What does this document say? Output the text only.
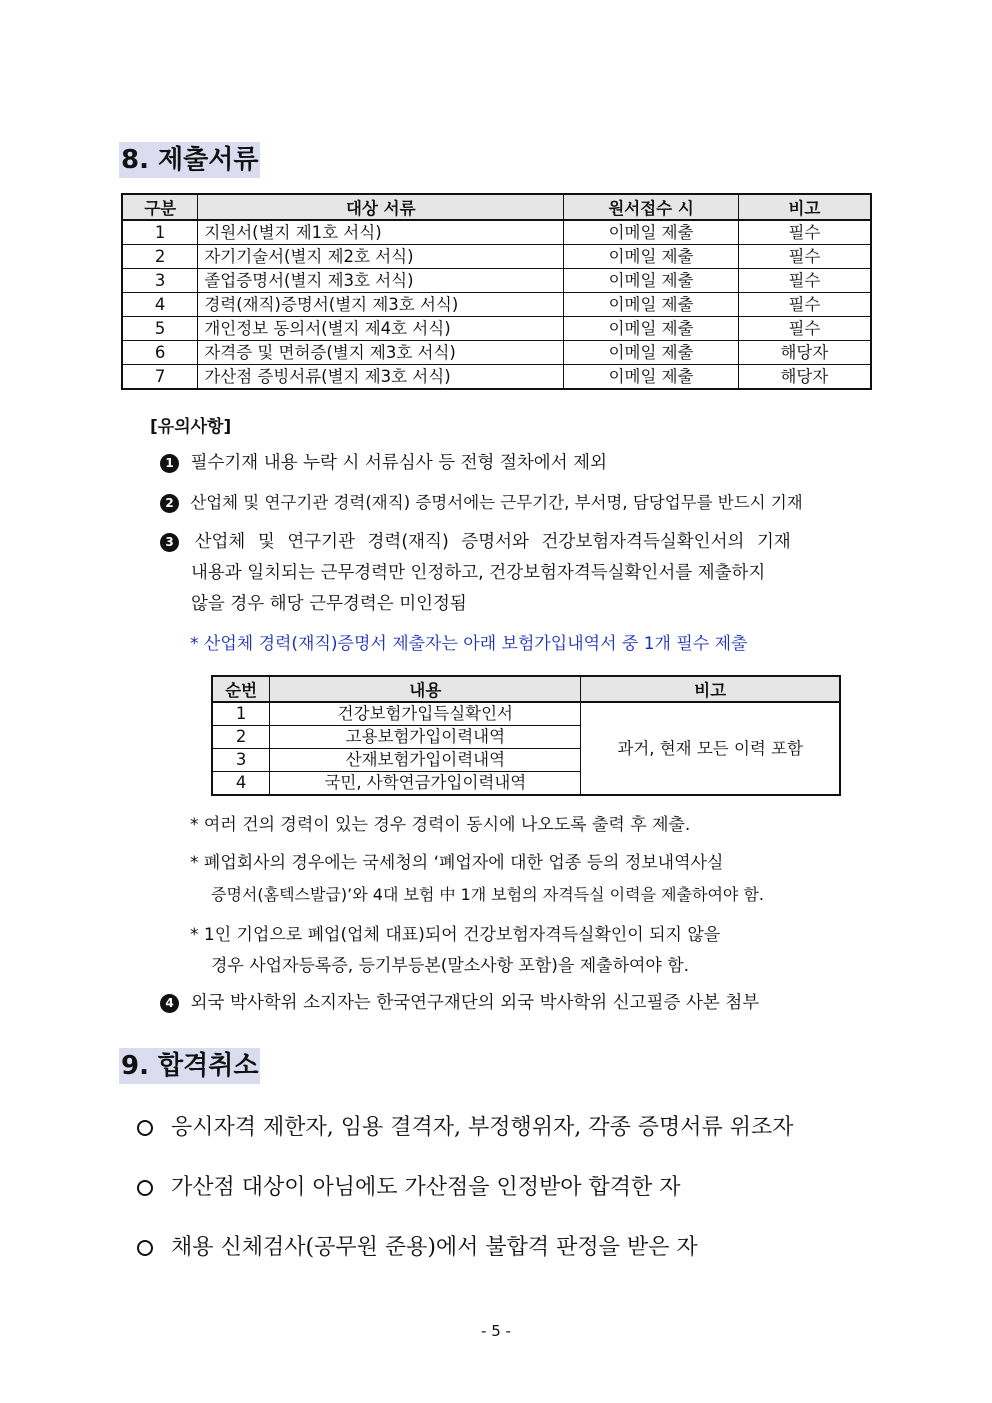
8. 제출서류
구분	대상 서류	원서접수 시	비고
1	지원서(별지 제1호 서식)	이메일 제출	필수
2	자기기술서(별지 제2호 서식)	이메일 제출	필수
3	졸업증명서(별지 제3호 서식)	이메일 제출	필수
4	경력(재직)증명서(별지 제3호 서식)	이메일 제출	필수
5	개인정보 동의서(별지 제4호 서식)	이메일 제출	필수
6	자격증 및 면허증(별지 제3호 서식)	이메일 제출	해당자
7	가산점 증빙서류(별지 제3호 서식)	이메일 제출	해당자
[유의사항]
1 필수기재 내용 누락 시 서류심사 등 전형 절차에서 제외
2 산업체 및 연구기관 경력(재직) 증명서에는 근무기간, 부서명, 담당업무를 반드시 기재
3 산업체 및 연구기관 경력(재직) 증명서와 건강보험자격득실확인서의 기재
내용과 일치되는 근무경력만 인정하고, 건강보험자격득실확인서를 제출하지
않을 경우 해당 근무경력은 미인정됨
* 산업체 경력(재직)증명서 제출자는 아래 보험가입내역서 중 1개 필수 제출
순번	내용	비고
1	건강보험가입득실확인서	과거, 현재 모든 이력 포함
2	고용보험가입이력내역	
3	산재보험가입이력내역	
4	국민, 사학연금가입이력내역	
* 여러 건의 경력이 있는 경우 경력이 동시에 나오도록 출력 후 제출.
* 폐업회사의 경우에는 국세청의 ‘폐업자에 대한 업종 등의 정보내역사실
증명서(홈텍스발급)’와 4대 보험 中 1개 보험의 자격득실 이력을 제출하여야 함.
* 1인 기업으로 폐업(업체 대표)되어 건강보험자격득실확인이 되지 않을
경우 사업자등록증, 등기부등본(말소사항 포함)을 제출하여야 함.
4 외국 박사학위 소지자는 한국연구재단의 외국 박사학위 신고필증 사본 첨부
9. 합격취소
응시자격 제한자, 임용 결격자, 부정행위자, 각종 증명서류 위조자
가산점 대상이 아님에도 가산점을 인정받아 합격한 자
채용 신체검사(공무원 준용)에서 불합격 판정을 받은 자
- 5 -
